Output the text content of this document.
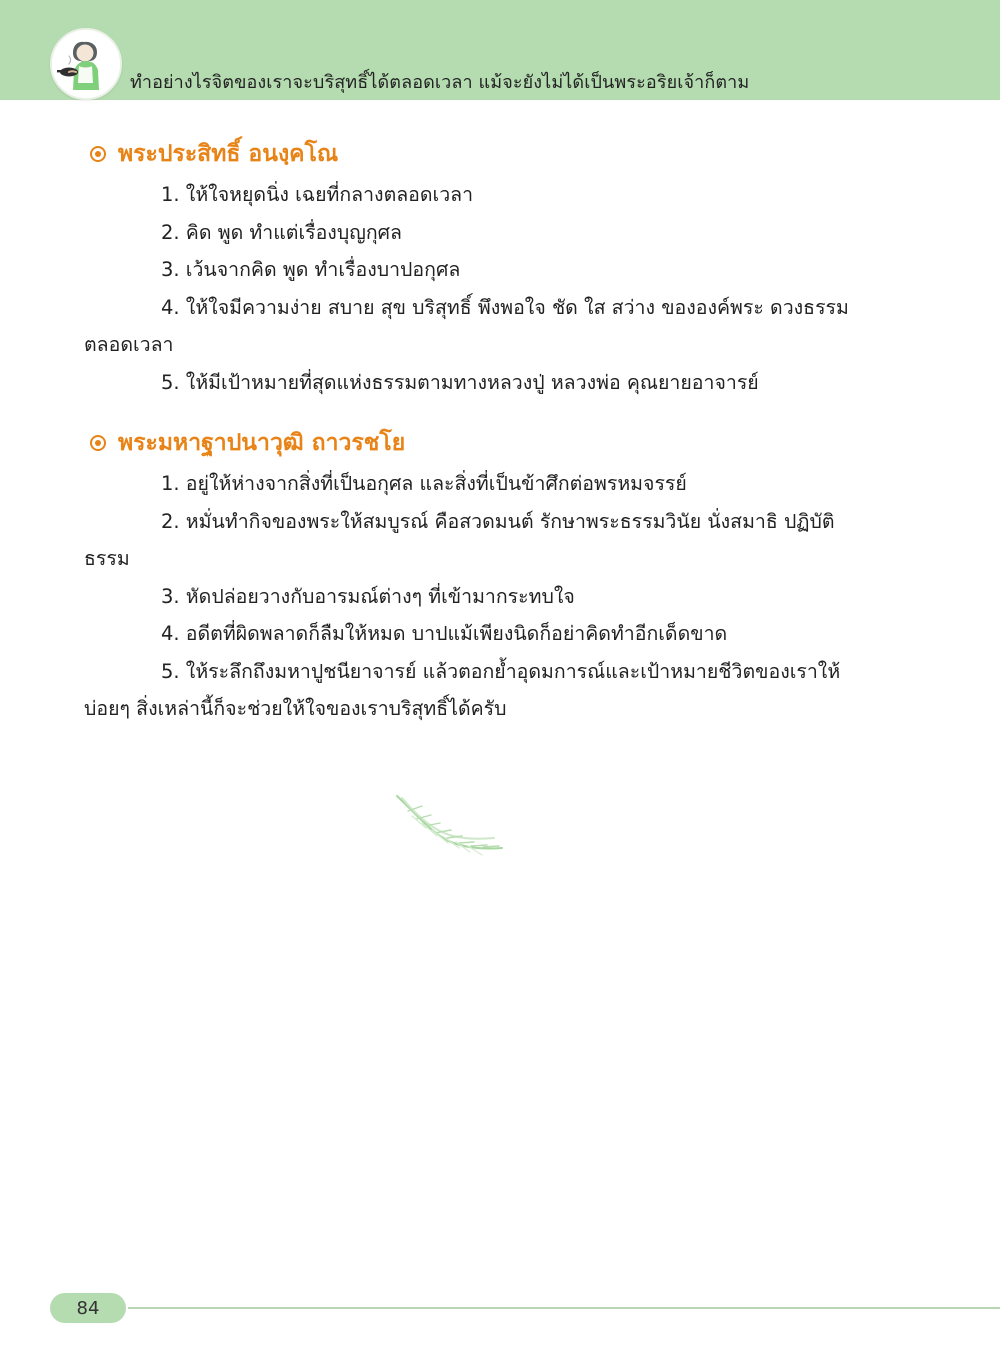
ทำอย่างไรจิตของเราจะบริสุทธิ์ได้ตลอดเวลา แม้จะยังไม่ได้เป็นพระอริยเจ้าก็ตาม
พระประสิทธิ์ อนงฺคโณ

1. ให้ใจหยุดนิ่ง เฉยที่กลางตลอดเวลา

2. คิด พูด ทำแต่เรื่องบุญกุศล

3. เว้นจากคิด พูด ทำเรื่องบาปอกุศล

4. ให้ใจมีความง่าย สบาย สุข บริสุทธิ์ พึงพอใจ ชัด ใส สว่าง ขององค์พระ ดวงธรรม ตลอดเวลา

5. ให้มีเป้าหมายที่สุดแห่งธรรมตามทางหลวงปู่ หลวงพ่อ คุณยายอาจารย์

พระมหาฐาปนาวุฒิ ถาวรชโย

1. อยู่ให้ห่างจากสิ่งที่เป็นอกุศล และสิ่งที่เป็นข้าศึกต่อพรหมจรรย์

2. หมั่นทำกิจของพระให้สมบูรณ์ คือสวดมนต์ รักษาพระธรรมวินัย นั่งสมาธิ ปฏิบัติธรรม

3. หัดปล่อยวางกับอารมณ์ต่างๆ ที่เข้ามากระทบใจ

4. อดีตที่ผิดพลาดก็ลืมให้หมด บาปแม้เพียงนิดก็อย่าคิดทำอีกเด็ดขาด

5. ให้ระลึกถึงมหาปูชนียาจารย์ แล้วตอกย้ำอุดมการณ์และเป้าหมายชีวิตของเราให้บ่อยๆ สิ่งเหล่านี้ก็จะช่วยให้ใจของเราบริสุทธิ์ได้ครับ

84
